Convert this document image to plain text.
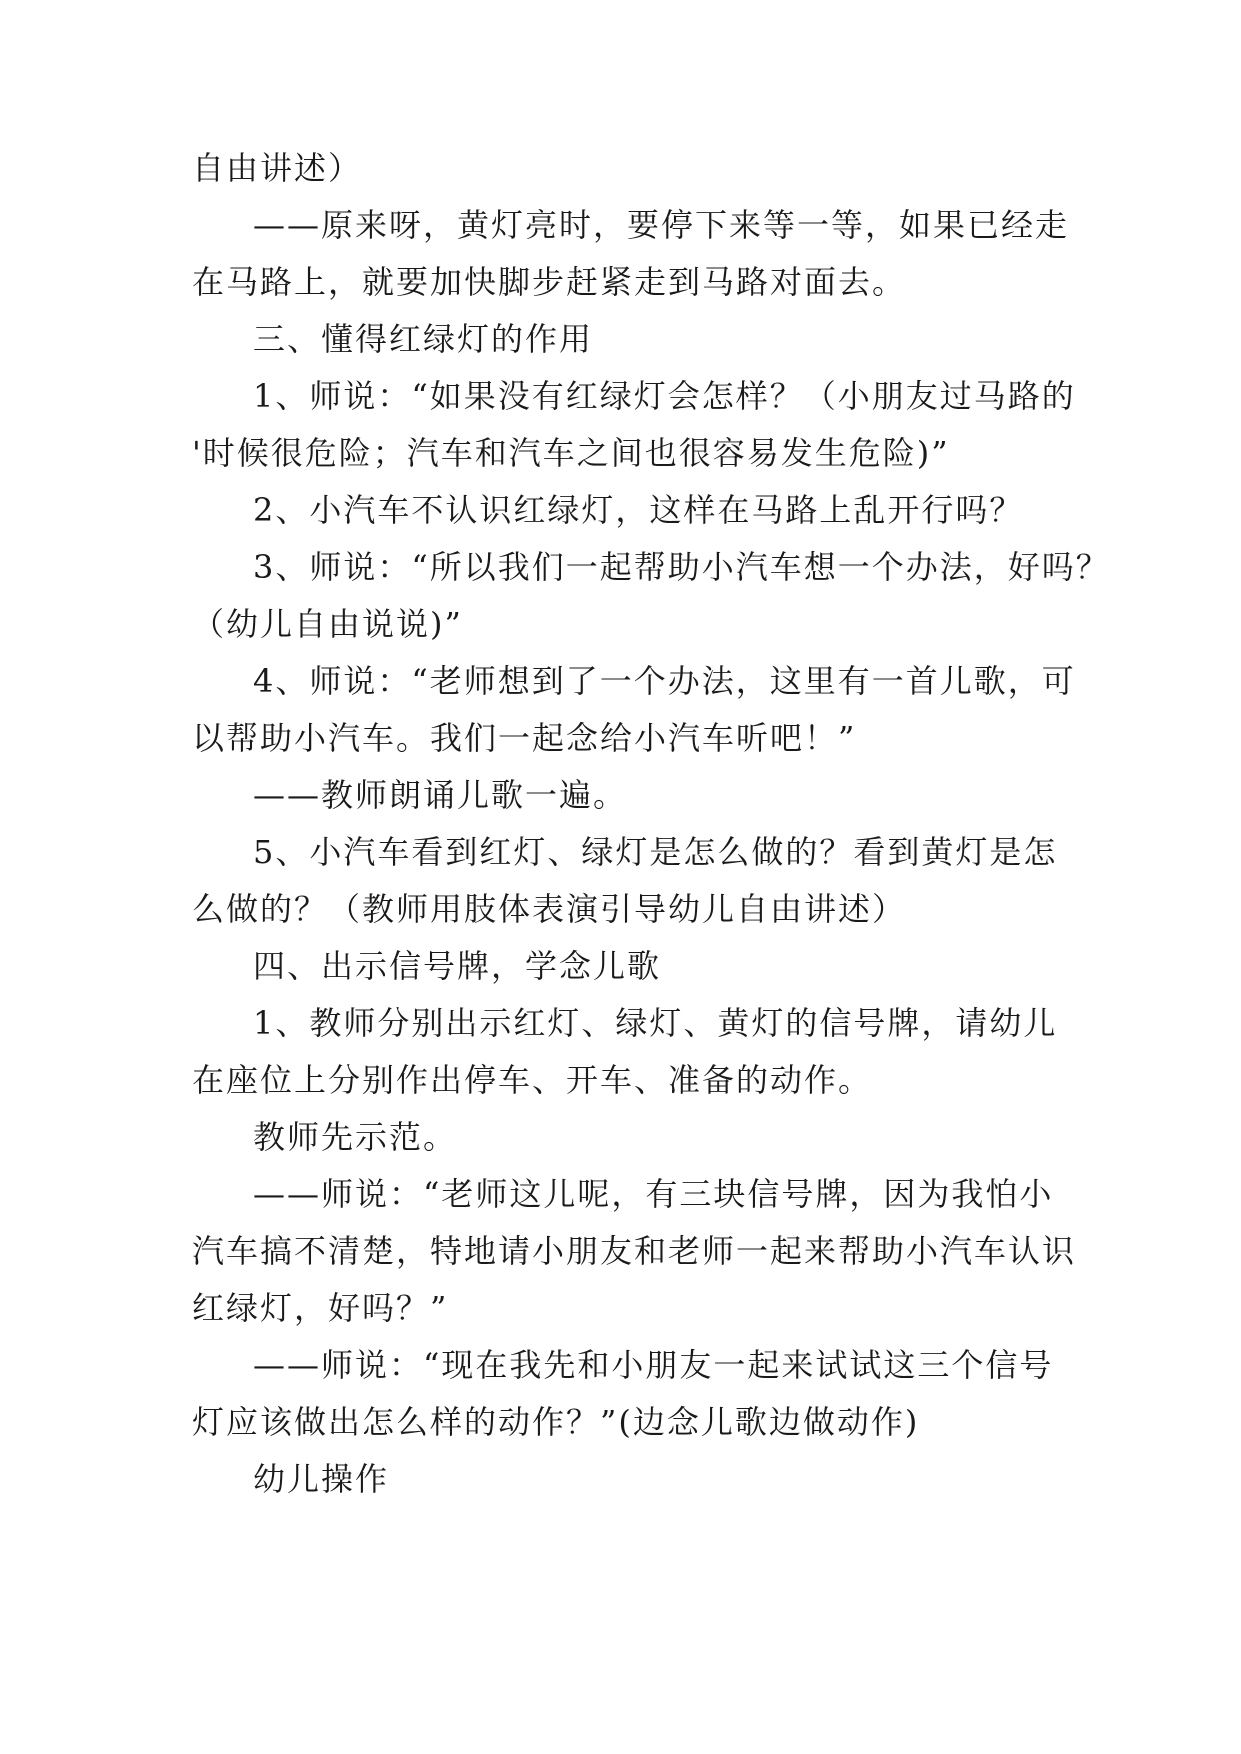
自由讲述）
——原来呀，黄灯亮时，要停下来等一等，如果已经走
在马路上，就要加快脚步赶紧走到马路对面去。
三、懂得红绿灯的作用
1、师说：“如果没有红绿灯会怎样？（小朋友过马路的
'时候很危险；汽车和汽车之间也很容易发生危险)”
2、小汽车不认识红绿灯，这样在马路上乱开行吗？
3、师说：“所以我们一起帮助小汽车想一个办法，好吗？
（幼儿自由说说)”
4、师说：“老师想到了一个办法，这里有一首儿歌，可
以帮助小汽车。我们一起念给小汽车听吧！”
——教师朗诵儿歌一遍。
5、小汽车看到红灯、绿灯是怎么做的？看到黄灯是怎
么做的？（教师用肢体表演引导幼儿自由讲述）
四、出示信号牌，学念儿歌
1、教师分别出示红灯、绿灯、黄灯的信号牌，请幼儿
在座位上分别作出停车、开车、准备的动作。
教师先示范。
——师说：“老师这儿呢，有三块信号牌，因为我怕小
汽车搞不清楚，特地请小朋友和老师一起来帮助小汽车认识
红绿灯，好吗？”
——师说：“现在我先和小朋友一起来试试这三个信号
灯应该做出怎么样的动作？”(边念儿歌边做动作)
幼儿操作
